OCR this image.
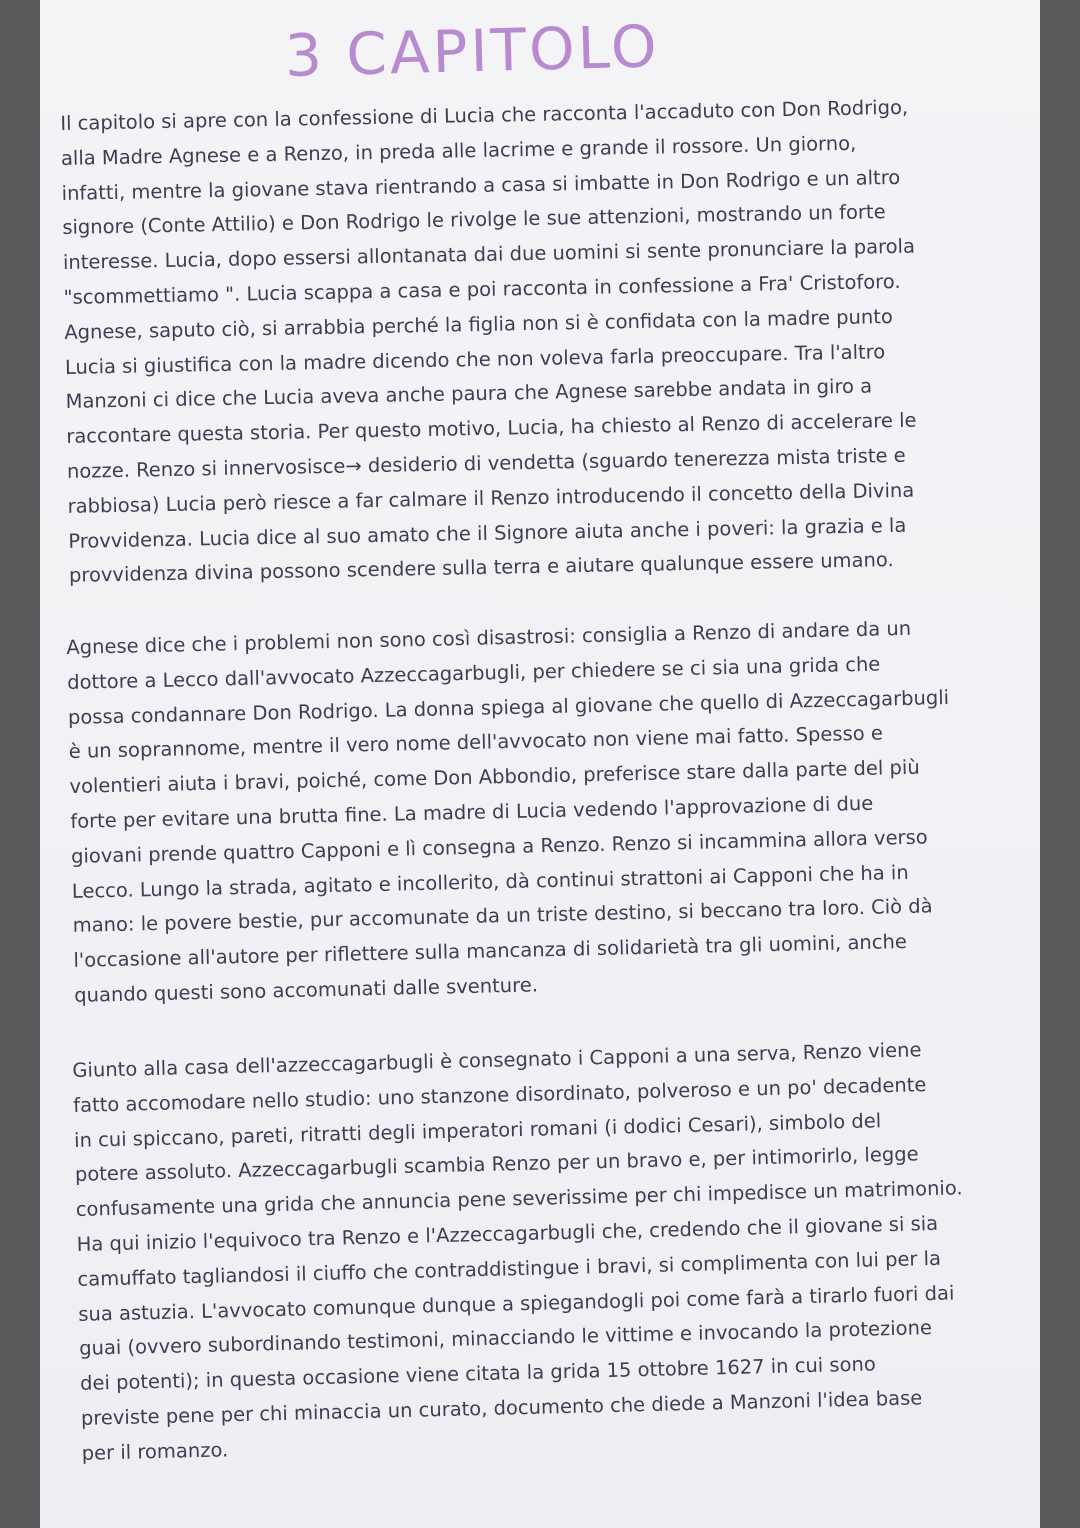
3 CAPITOLO

Il capitolo si apre con la confessione di Lucia che racconta l'accaduto con Don Rodrigo,
alla Madre Agnese e a Renzo, in preda alle lacrime e grande il rossore. Un giorno,
infatti, mentre la giovane stava rientrando a casa si imbatte in Don Rodrigo e un altro
signore (Conte Attilio) e Don Rodrigo le rivolge le sue attenzioni, mostrando un forte
interesse. Lucia, dopo essersi allontanata dai due uomini si sente pronunciare la parola
"scommettiamo ". Lucia scappa a casa e poi racconta in confessione a Fra' Cristoforo.
Agnese, saputo ciò, si arrabbia perché la figlia non si è confidata con la madre punto
Lucia si giustifica con la madre dicendo che non voleva farla preoccupare. Tra l'altro
Manzoni ci dice che Lucia aveva anche paura che Agnese sarebbe andata in giro a
raccontare questa storia. Per questo motivo, Lucia, ha chiesto al Renzo di accelerare le
nozze. Renzo si innervosisce→ desiderio di vendetta (sguardo tenerezza mista triste e
rabbiosa) Lucia però riesce a far calmare il Renzo introducendo il concetto della Divina
Provvidenza. Lucia dice al suo amato che il Signore aiuta anche i poveri: la grazia e la
provvidenza divina possono scendere sulla terra e aiutare qualunque essere umano.

Agnese dice che i problemi non sono così disastrosi: consiglia a Renzo di andare da un
dottore a Lecco dall'avvocato Azzeccagarbugli, per chiedere se ci sia una grida che
possa condannare Don Rodrigo. La donna spiega al giovane che quello di Azzeccagarbugli
è un soprannome, mentre il vero nome dell'avvocato non viene mai fatto. Spesso e
volentieri aiuta i bravi, poiché, come Don Abbondio, preferisce stare dalla parte del più
forte per evitare una brutta fine. La madre di Lucia vedendo l'approvazione di due
giovani prende quattro Capponi e lì consegna a Renzo. Renzo si incammina allora verso
Lecco. Lungo la strada, agitato e incollerito, dà continui strattoni ai Capponi che ha in
mano: le povere bestie, pur accomunate da un triste destino, si beccano tra loro. Ciò dà
l'occasione all'autore per riflettere sulla mancanza di solidarietà tra gli uomini, anche
quando questi sono accomunati dalle sventure.

Giunto alla casa dell'azzeccagarbugli è consegnato i Capponi a una serva, Renzo viene
fatto accomodare nello studio: uno stanzone disordinato, polveroso e un po' decadente
in cui spiccano, pareti, ritratti degli imperatori romani (i dodici Cesari), simbolo del
potere assoluto. Azzeccagarbugli scambia Renzo per un bravo e, per intimorirlo, legge
confusamente una grida che annuncia pene severissime per chi impedisce un matrimonio.
Ha qui inizio l'equivoco tra Renzo e l'Azzeccagarbugli che, credendo che il giovane si sia
camuffato tagliandosi il ciuffo che contraddistingue i bravi, si complimenta con lui per la
sua astuzia. L'avvocato comunque dunque a spiegandogli poi come farà a tirarlo fuori dai
guai (ovvero subordinando testimoni, minacciando le vittime e invocando la protezione
dei potenti); in questa occasione viene citata la grida 15 ottobre 1627 in cui sono
previste pene per chi minaccia un curato, documento che diede a Manzoni l'idea base
per il romanzo.
